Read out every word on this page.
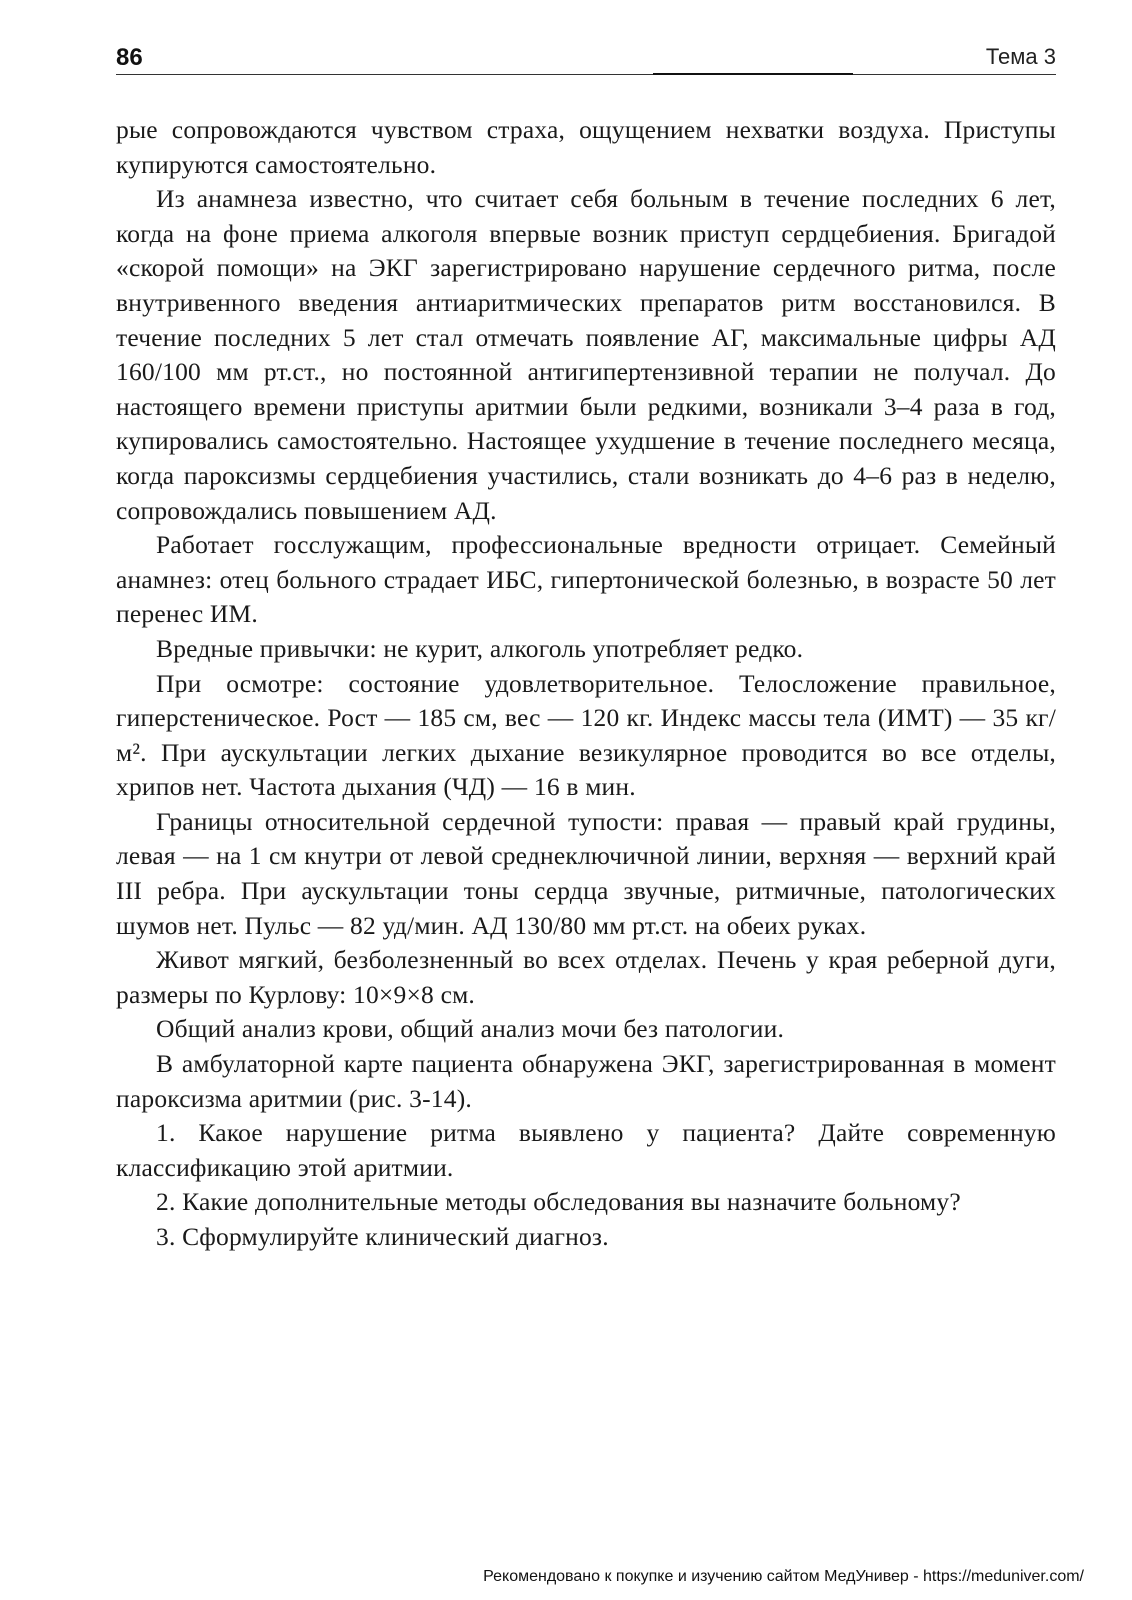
86	Тема 3

рые сопровождаются чувством страха, ощущением нехватки воздуха. Приступы купируются самостоятельно.

Из анамнеза известно, что считает себя больным в течение последних 6 лет, когда на фоне приема алкоголя впервые возник приступ сердцебиения. Бригадой «скорой помощи» на ЭКГ зарегистрировано нарушение сердечного ритма, после внутривенного введения антиаритмических препаратов ритм восстановился. В течение последних 5 лет стал отмечать появление АГ, максимальные цифры АД 160/100 мм рт.ст., но постоянной антигипертензивной терапии не получал. До настоящего времени приступы аритмии были редкими, возникали 3–4 раза в год, купировались самостоятельно. Настоящее ухудшение в течение последнего месяца, когда пароксизмы сердцебиения участились, стали возникать до 4–6 раз в неделю, сопровождались повышением АД.

Работает госслужащим, профессиональные вредности отрицает. Семейный анамнез: отец больного страдает ИБС, гипертонической болезнью, в возрасте 50 лет перенес ИМ.

Вредные привычки: не курит, алкоголь употребляет редко.

При осмотре: состояние удовлетворительное. Телосложение правильное, гиперстеническое. Рост — 185 см, вес — 120 кг. Индекс массы тела (ИМТ) — 35 кг/м². При аускультации легких дыхание везикулярное проводится во все отделы, хрипов нет. Частота дыхания (ЧД) — 16 в мин.

Границы относительной сердечной тупости: правая — правый край грудины, левая — на 1 см кнутри от левой среднеключичной линии, верхняя — верхний край III ребра. При аускультации тоны сердца звучные, ритмичные, патологических шумов нет. Пульс — 82 уд/мин. АД 130/80 мм рт.ст. на обеих руках.

Живот мягкий, безболезненный во всех отделах. Печень у края реберной дуги, размеры по Курлову: 10×9×8 см.

Общий анализ крови, общий анализ мочи без патологии.

В амбулаторной карте пациента обнаружена ЭКГ, зарегистрированная в момент пароксизма аритмии (рис. 3-14).

1. Какое нарушение ритма выявлено у пациента? Дайте современную классификацию этой аритмии.

2. Какие дополнительные методы обследования вы назначите больному?

3. Сформулируйте клинический диагноз.

Рекомендовано к покупке и изучению сайтом МедУнивер - https://meduniver.com/
